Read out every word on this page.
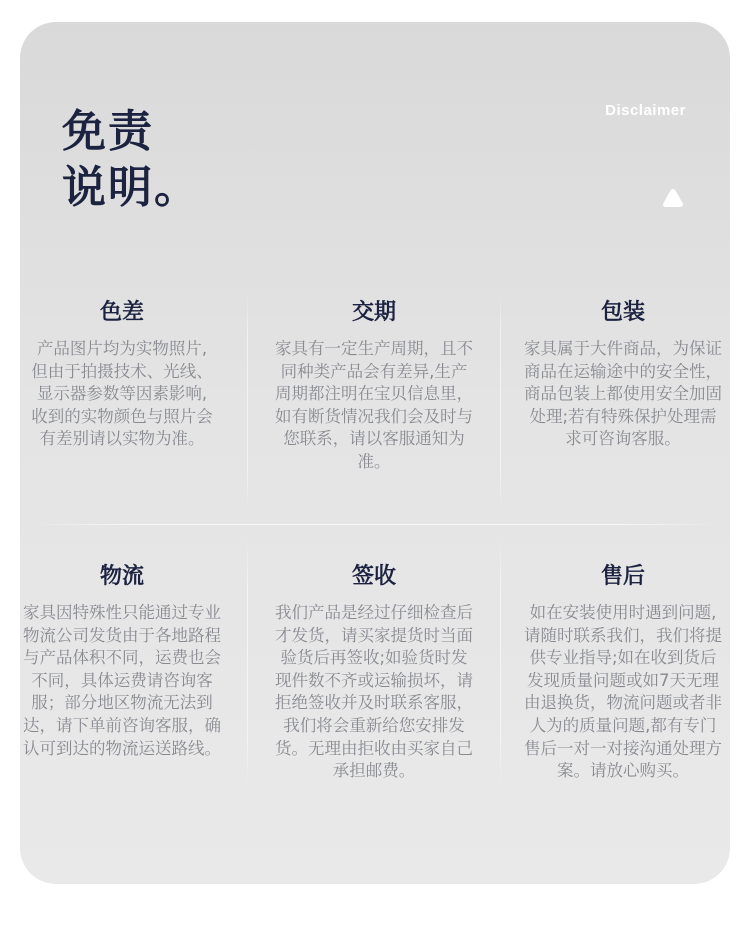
免责
说明。
Disclaimer
色差
产品图片均为实物照片,但由于拍摄技术、光线、显示器参数等因素影响,收到的实物颜色与照片会有差别请以实物为准。
交期
家具有一定生产周期，且不同种类产品会有差异,生产周期都注明在宝贝信息里，如有断货情况我们会及时与您联系，请以客服通知为准。
包装
家具属于大件商品，为保证商品在运输途中的安全性，商品包装上都使用安全加固处理;若有特殊保护处理需求可咨询客服。
物流
家具因特殊性只能通过专业物流公司发货由于各地路程与产品体积不同，运费也会不同，具体运费请咨询客服；部分地区物流无法到达，请下单前咨询客服，确认可到达的物流运送路线。
签收
我们产品是经过仔细检查后才发货，请买家提货时当面验货后再签收;如验货时发现件数不齐或运输损坏，请拒绝签收并及时联系客服，我们将会重新给您安排发货。无理由拒收由买家自己承担邮费。
售后
如在安装使用时遇到问题,请随时联系我们，我们将提供专业指导;如在收到货后发现质量问题或如7天无理由退换货，物流问题或者非人为的质量问题,都有专门售后一对一对接沟通处理方案。请放心购买。
